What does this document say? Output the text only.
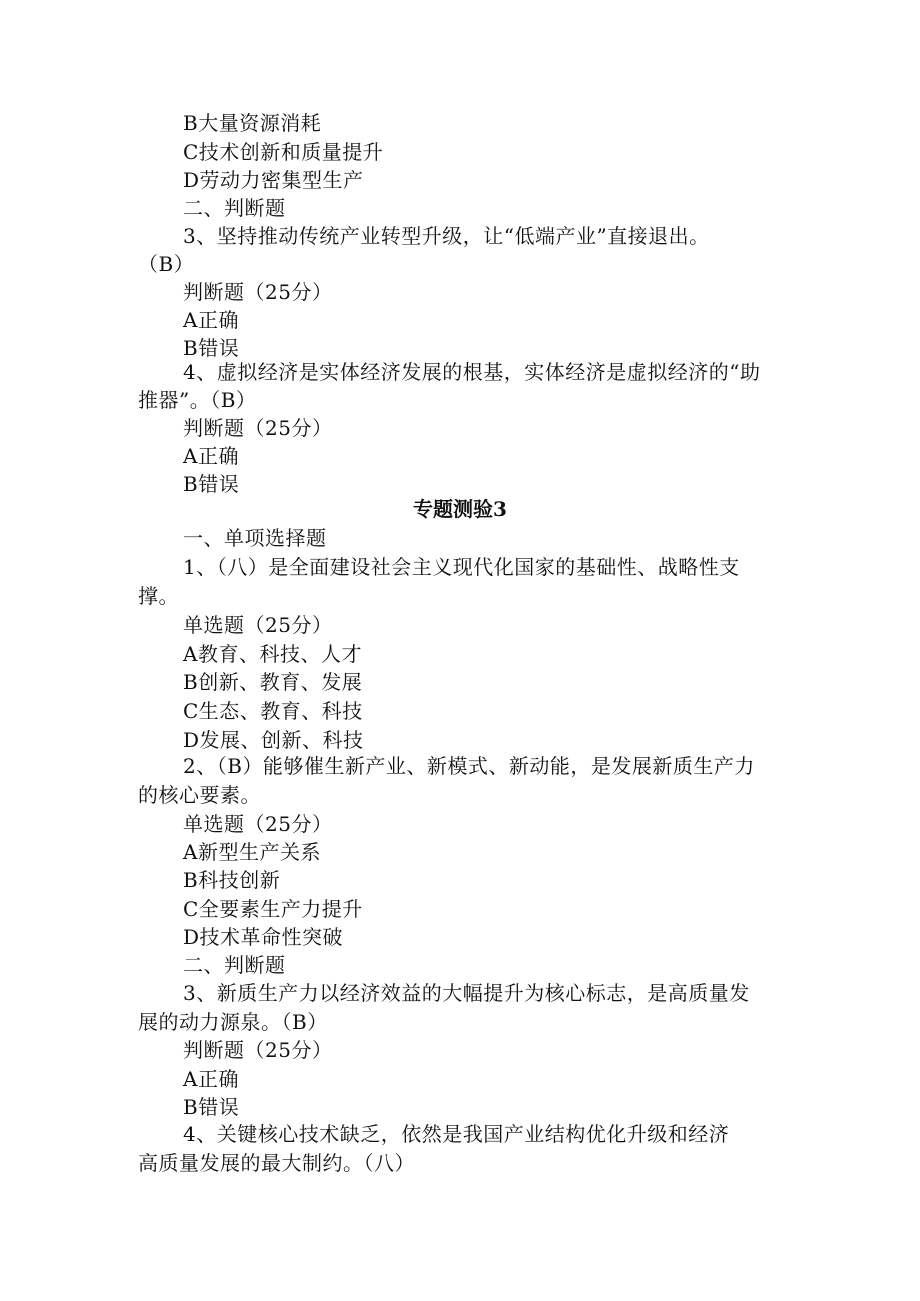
B大量资源消耗
C技术创新和质量提升
D劳动力密集型生产
二、判断题
3、坚持推动传统产业转型升级，让“低端产业”直接退出。
（B）
判断题（25分）
A正确
B错误
4、虚拟经济是实体经济发展的根基，实体经济是虚拟经济的“助
推器”。（B）
判断题（25分）
A正确
B错误
专题测验3
一、单项选择题
1、（八）是全面建设社会主义现代化国家的基础性、战略性支
撑。
单选题（25分）
A教育、科技、人才
B创新、教育、发展
C生态、教育、科技
D发展、创新、科技
2、（B）能够催生新产业、新模式、新动能，是发展新质生产力
的核心要素。
单选题（25分）
A新型生产关系
B科技创新
C全要素生产力提升
D技术革命性突破
二、判断题
3、新质生产力以经济效益的大幅提升为核心标志，是高质量发
展的动力源泉。（B）
判断题（25分）
A正确
B错误
4、关键核心技术缺乏，依然是我国产业结构优化升级和经济
高质量发展的最大制约。（八）
